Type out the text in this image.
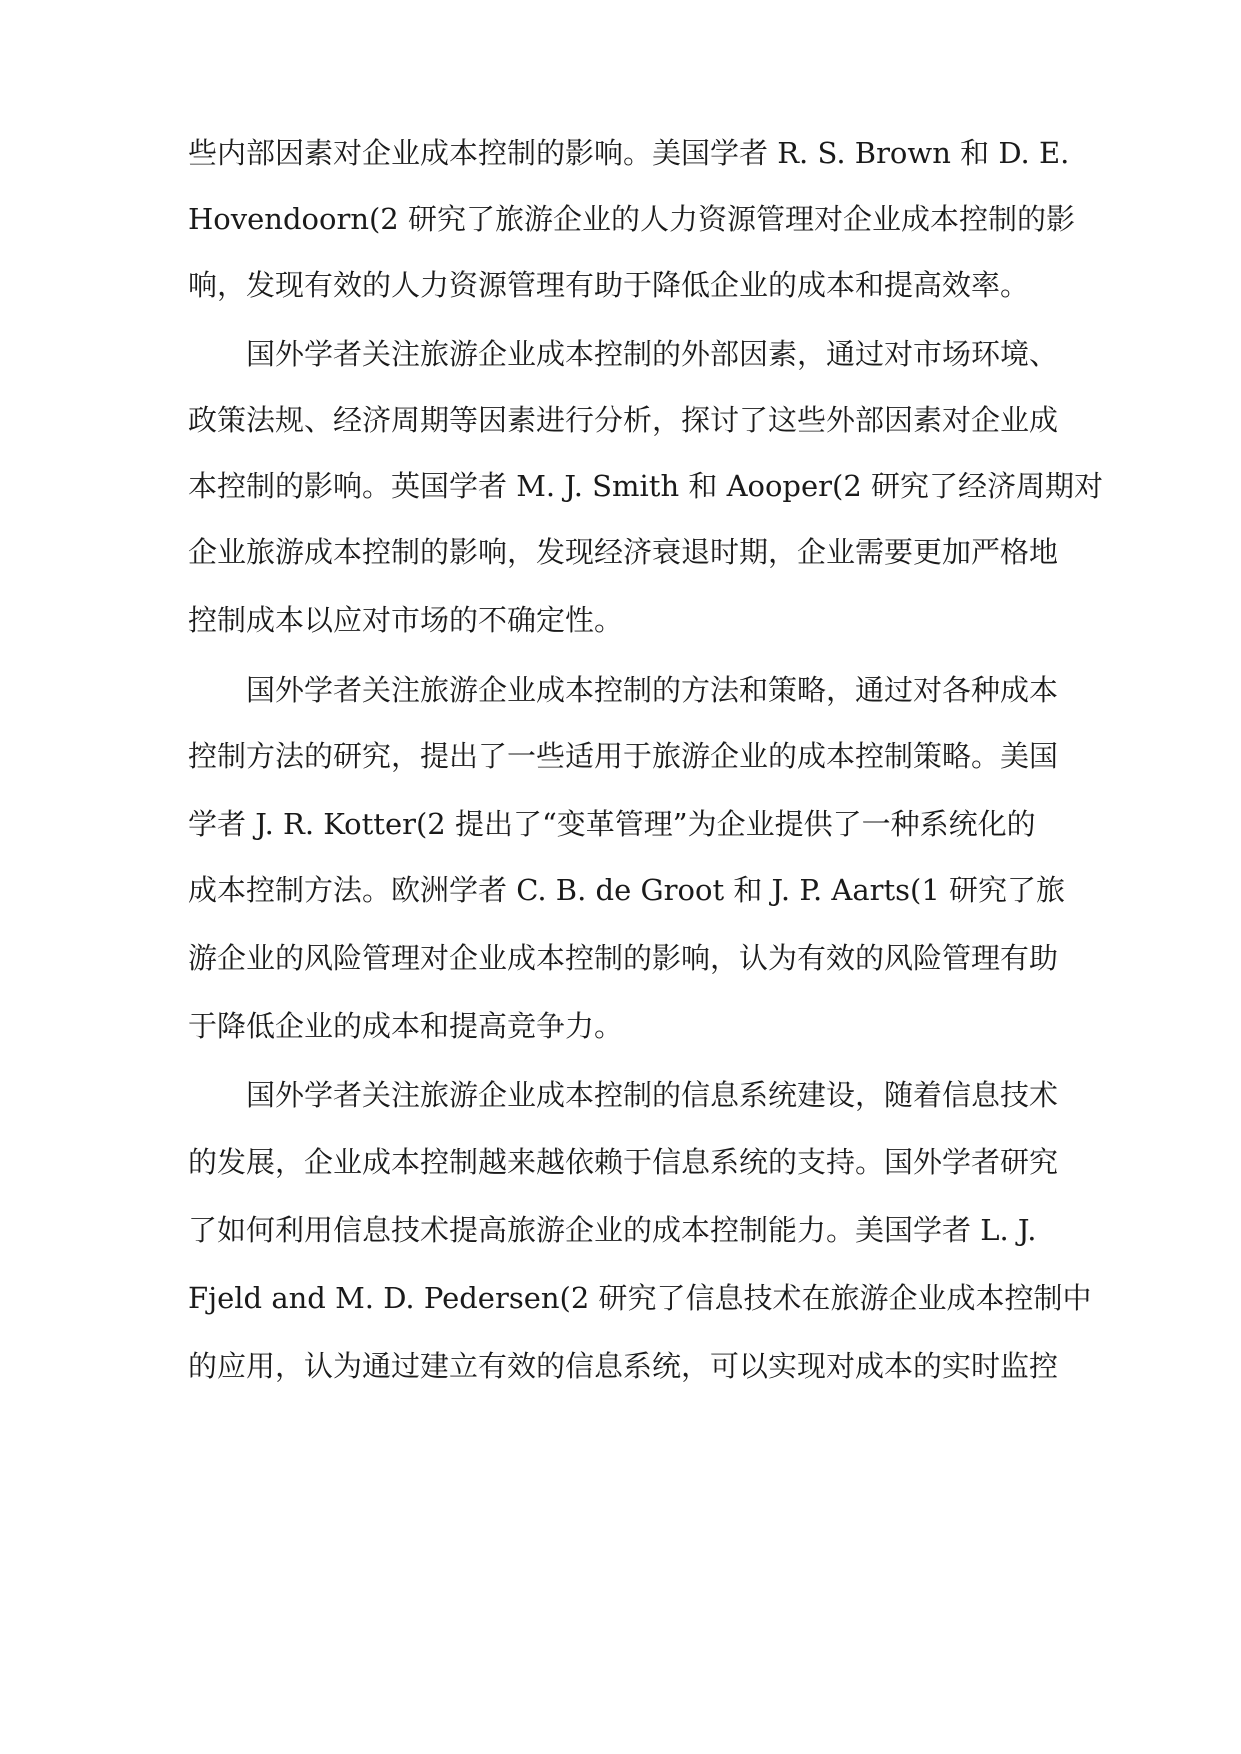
些内部因素对企业成本控制的影响。美国学者 R. S. Brown 和 D. E.
Hovendoorn(2 研究了旅游企业的人力资源管理对企业成本控制的影
响，发现有效的人力资源管理有助于降低企业的成本和提高效率。
国外学者关注旅游企业成本控制的外部因素，通过对市场环境、
政策法规、经济周期等因素进行分析，探讨了这些外部因素对企业成
本控制的影响。英国学者 M. J. Smith 和 Aooper(2 研究了经济周期对
企业旅游成本控制的影响，发现经济衰退时期，企业需要更加严格地
控制成本以应对市场的不确定性。
国外学者关注旅游企业成本控制的方法和策略，通过对各种成本
控制方法的研究，提出了一些适用于旅游企业的成本控制策略。美国
学者 J. R. Kotter(2 提出了“变革管理”为企业提供了一种系统化的
成本控制方法。欧洲学者 C. B. de Groot 和 J. P. Aarts(1 研究了旅
游企业的风险管理对企业成本控制的影响，认为有效的风险管理有助
于降低企业的成本和提高竞争力。
国外学者关注旅游企业成本控制的信息系统建设，随着信息技术
的发展，企业成本控制越来越依赖于信息系统的支持。国外学者研究
了如何利用信息技术提高旅游企业的成本控制能力。美国学者 L. J.
Fjeld and M. D. Pedersen(2 研究了信息技术在旅游企业成本控制中
的应用，认为通过建立有效的信息系统，可以实现对成本的实时监控
